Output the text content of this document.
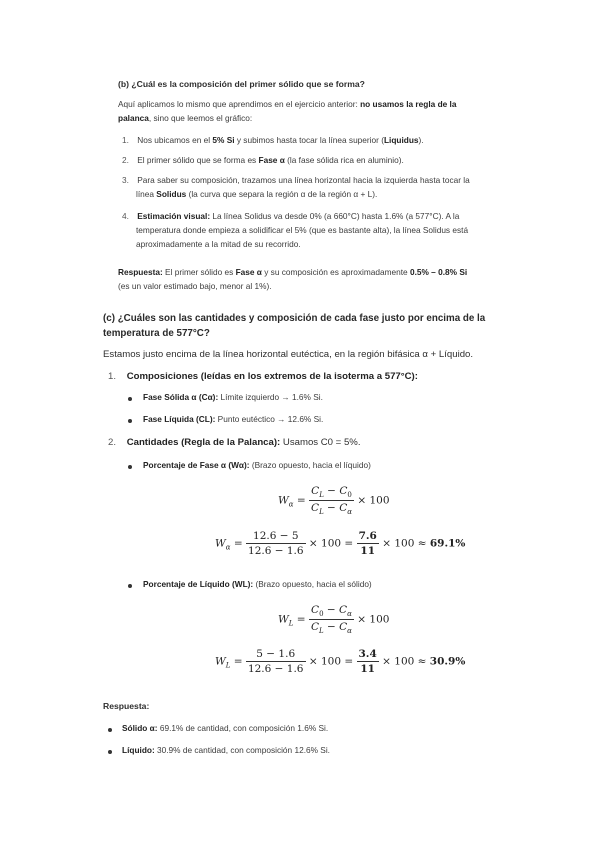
(b) ¿Cuál es la composición del primer sólido que se forma?
Aquí aplicamos lo mismo que aprendimos en el ejercicio anterior: no usamos la regla de la
palanca, sino que leemos el gráfico:
1. Nos ubicamos en el 5% Si y subimos hasta tocar la línea superior (Liquidus).
2. El primer sólido que se forma es Fase α (la fase sólida rica en aluminio).
3. Para saber su composición, trazamos una línea horizontal hacia la izquierda hasta tocar la
línea Solidus (la curva que separa la región α de la región α + L).
4. Estimación visual: La línea Solidus va desde 0% (a 660°C) hasta 1.6% (a 577°C). A la
temperatura donde empieza a solidificar el 5% (que es bastante alta), la línea Solidus está
aproximadamente a la mitad de su recorrido.
Respuesta: El primer sólido es Fase α y su composición es aproximadamente 0.5% – 0.8% Si
(es un valor estimado bajo, menor al 1%).
(c) ¿Cuáles son las cantidades y composición de cada fase justo por encima de la
temperatura de 577°C?
Estamos justo encima de la línea horizontal eutéctica, en la región bifásica α + Líquido.
1. Composiciones (leídas en los extremos de la isoterma a 577°C):
Fase Sólida α (Cα): Límite izquierdo → 1.6% Si.
Fase Líquida (CL): Punto eutéctico → 12.6% Si.
2. Cantidades (Regla de la Palanca): Usamos C0 = 5%.
Porcentaje de Fase α (Wα): (Brazo opuesto, hacia el líquido)
$W_\alpha = \frac{C_L - C_0}{C_L - C_\alpha} \times 100$
$W_\alpha = \frac{12.6 - 5}{12.6 - 1.6} \times 100 = \frac{7.6}{11} \times 100 \approx 69.1\%$
Porcentaje de Líquido (WL): (Brazo opuesto, hacia el sólido)
$W_L = \frac{C_0 - C_\alpha}{C_L - C_\alpha} \times 100$
$W_L = \frac{5 - 1.6}{12.6 - 1.6} \times 100 = \frac{3.4}{11} \times 100 \approx 30.9\%$
Respuesta:
Sólido α: 69.1% de cantidad, con composición 1.6% Si.
Líquido: 30.9% de cantidad, con composición 12.6% Si.
